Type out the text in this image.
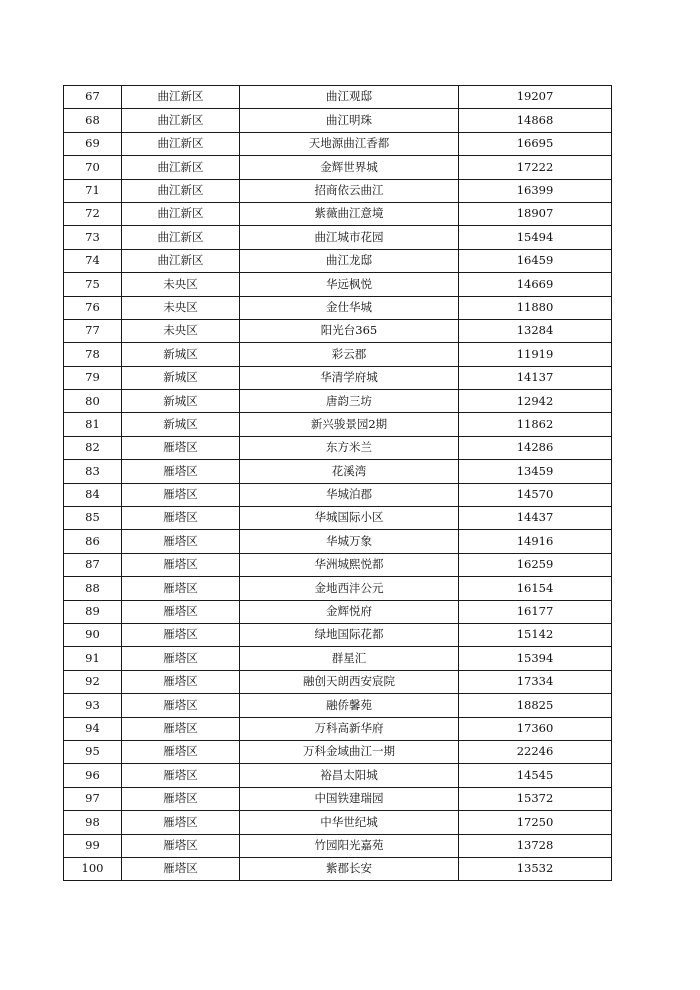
67	曲江新区	曲江观邸	19207
68	曲江新区	曲江明珠	14868
69	曲江新区	天地源曲江香都	16695
70	曲江新区	金辉世界城	17222
71	曲江新区	招商依云曲江	16399
72	曲江新区	紫薇曲江意境	18907
73	曲江新区	曲江城市花园	15494
74	曲江新区	曲江龙邸	16459
75	未央区	华远枫悦	14669
76	未央区	金仕华城	11880
77	未央区	阳光台365	13284
78	新城区	彩云郡	11919
79	新城区	华清学府城	14137
80	新城区	唐韵三坊	12942
81	新城区	新兴骏景园2期	11862
82	雁塔区	东方米兰	14286
83	雁塔区	花溪湾	13459
84	雁塔区	华城泊郡	14570
85	雁塔区	华城国际小区	14437
86	雁塔区	华城万象	14916
87	雁塔区	华洲城熙悦都	16259
88	雁塔区	金地西沣公元	16154
89	雁塔区	金辉悦府	16177
90	雁塔区	绿地国际花都	15142
91	雁塔区	群星汇	15394
92	雁塔区	融创天朗西安宸院	17334
93	雁塔区	融侨馨苑	18825
94	雁塔区	万科高新华府	17360
95	雁塔区	万科金域曲江一期	22246
96	雁塔区	裕昌太阳城	14545
97	雁塔区	中国铁建瑞园	15372
98	雁塔区	中华世纪城	17250
99	雁塔区	竹园阳光嘉苑	13728
100	雁塔区	紫郡长安	13532
